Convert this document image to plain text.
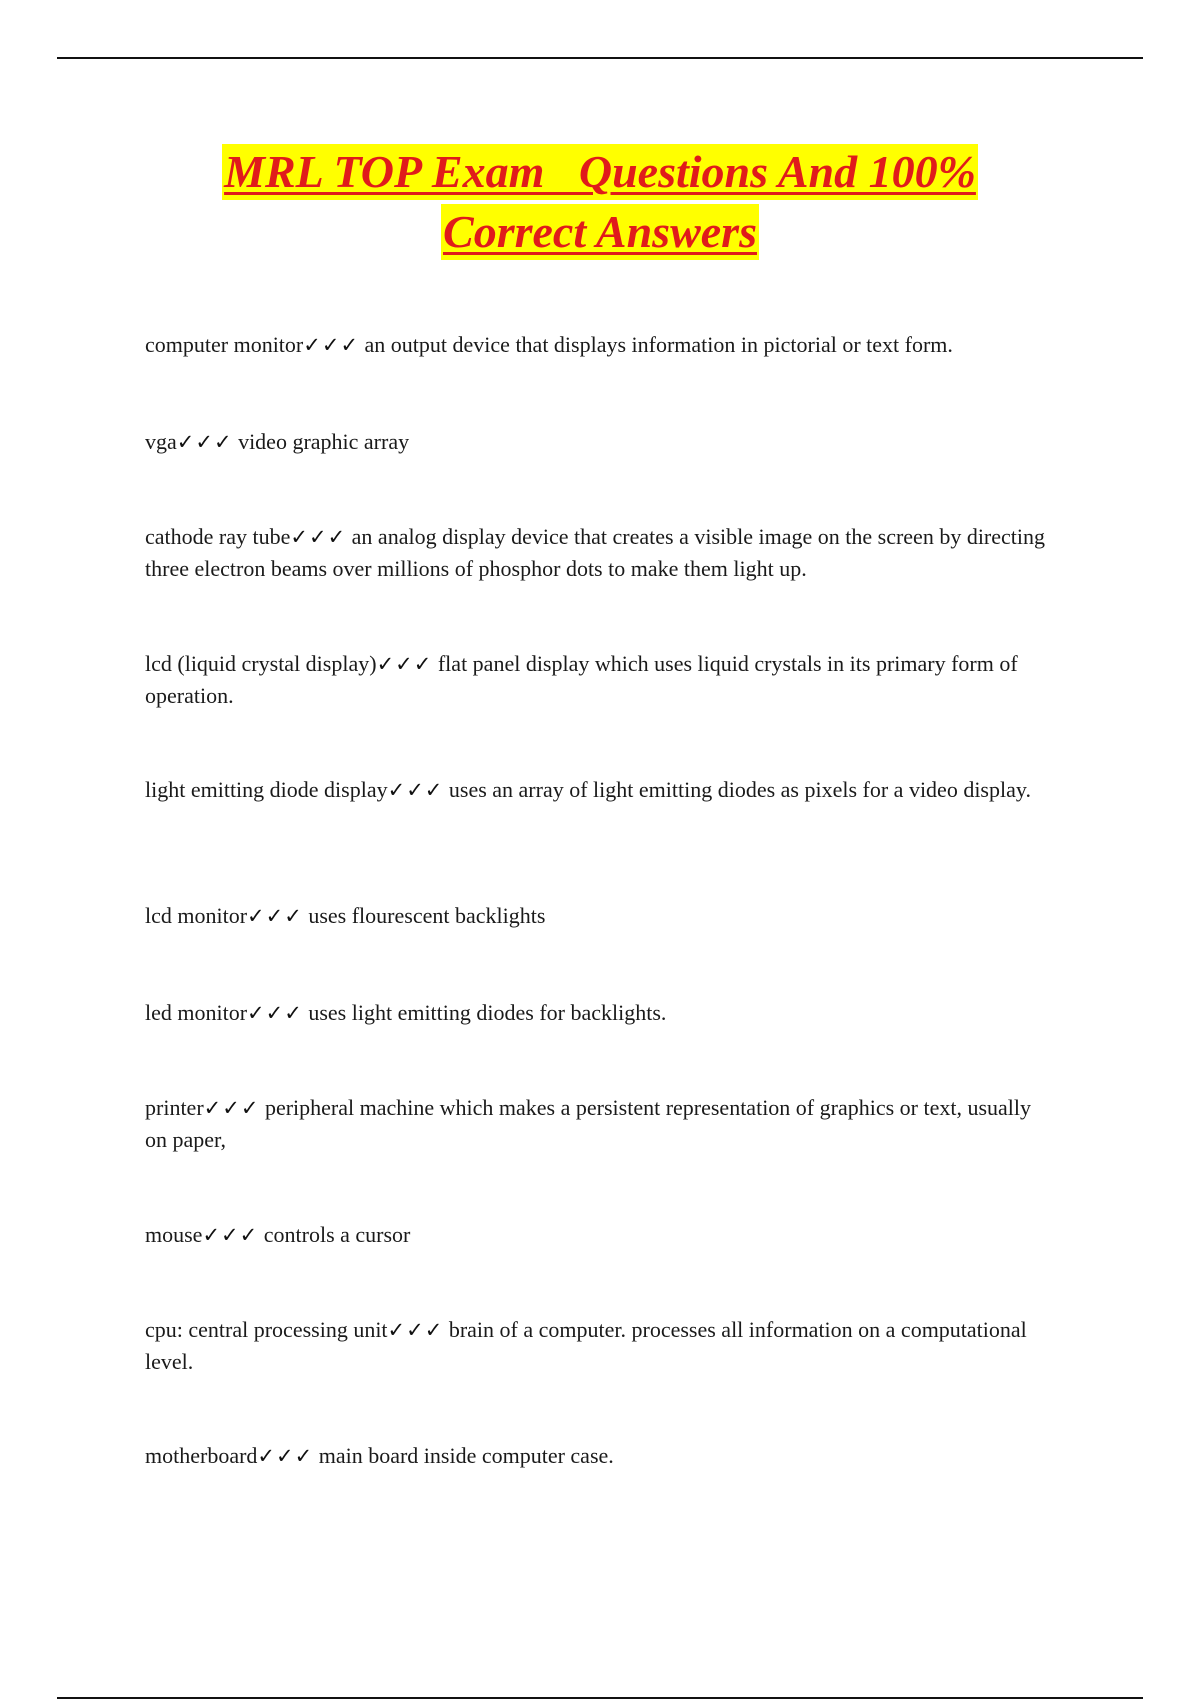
MRL TOP Exam   Questions And 100%
Correct Answers
computer monitor✓✓✓ an output device that displays information in pictorial or text form.
vga✓✓✓ video graphic array
cathode ray tube✓✓✓ an analog display device that creates a visible image on the screen by directing three electron beams over millions of phosphor dots to make them light up.
lcd (liquid crystal display)✓✓✓ flat panel display which uses liquid crystals in its primary form of operation.
light emitting diode display✓✓✓ uses an array of light emitting diodes as pixels for a video display.
lcd monitor✓✓✓ uses flourescent backlights
led monitor✓✓✓ uses light emitting diodes for backlights.
printer✓✓✓ peripheral machine which makes a persistent representation of graphics or text, usually on paper,
mouse✓✓✓ controls a cursor
cpu: central processing unit✓✓✓ brain of a computer. processes all information on a computational level.
motherboard✓✓✓ main board inside computer case.
